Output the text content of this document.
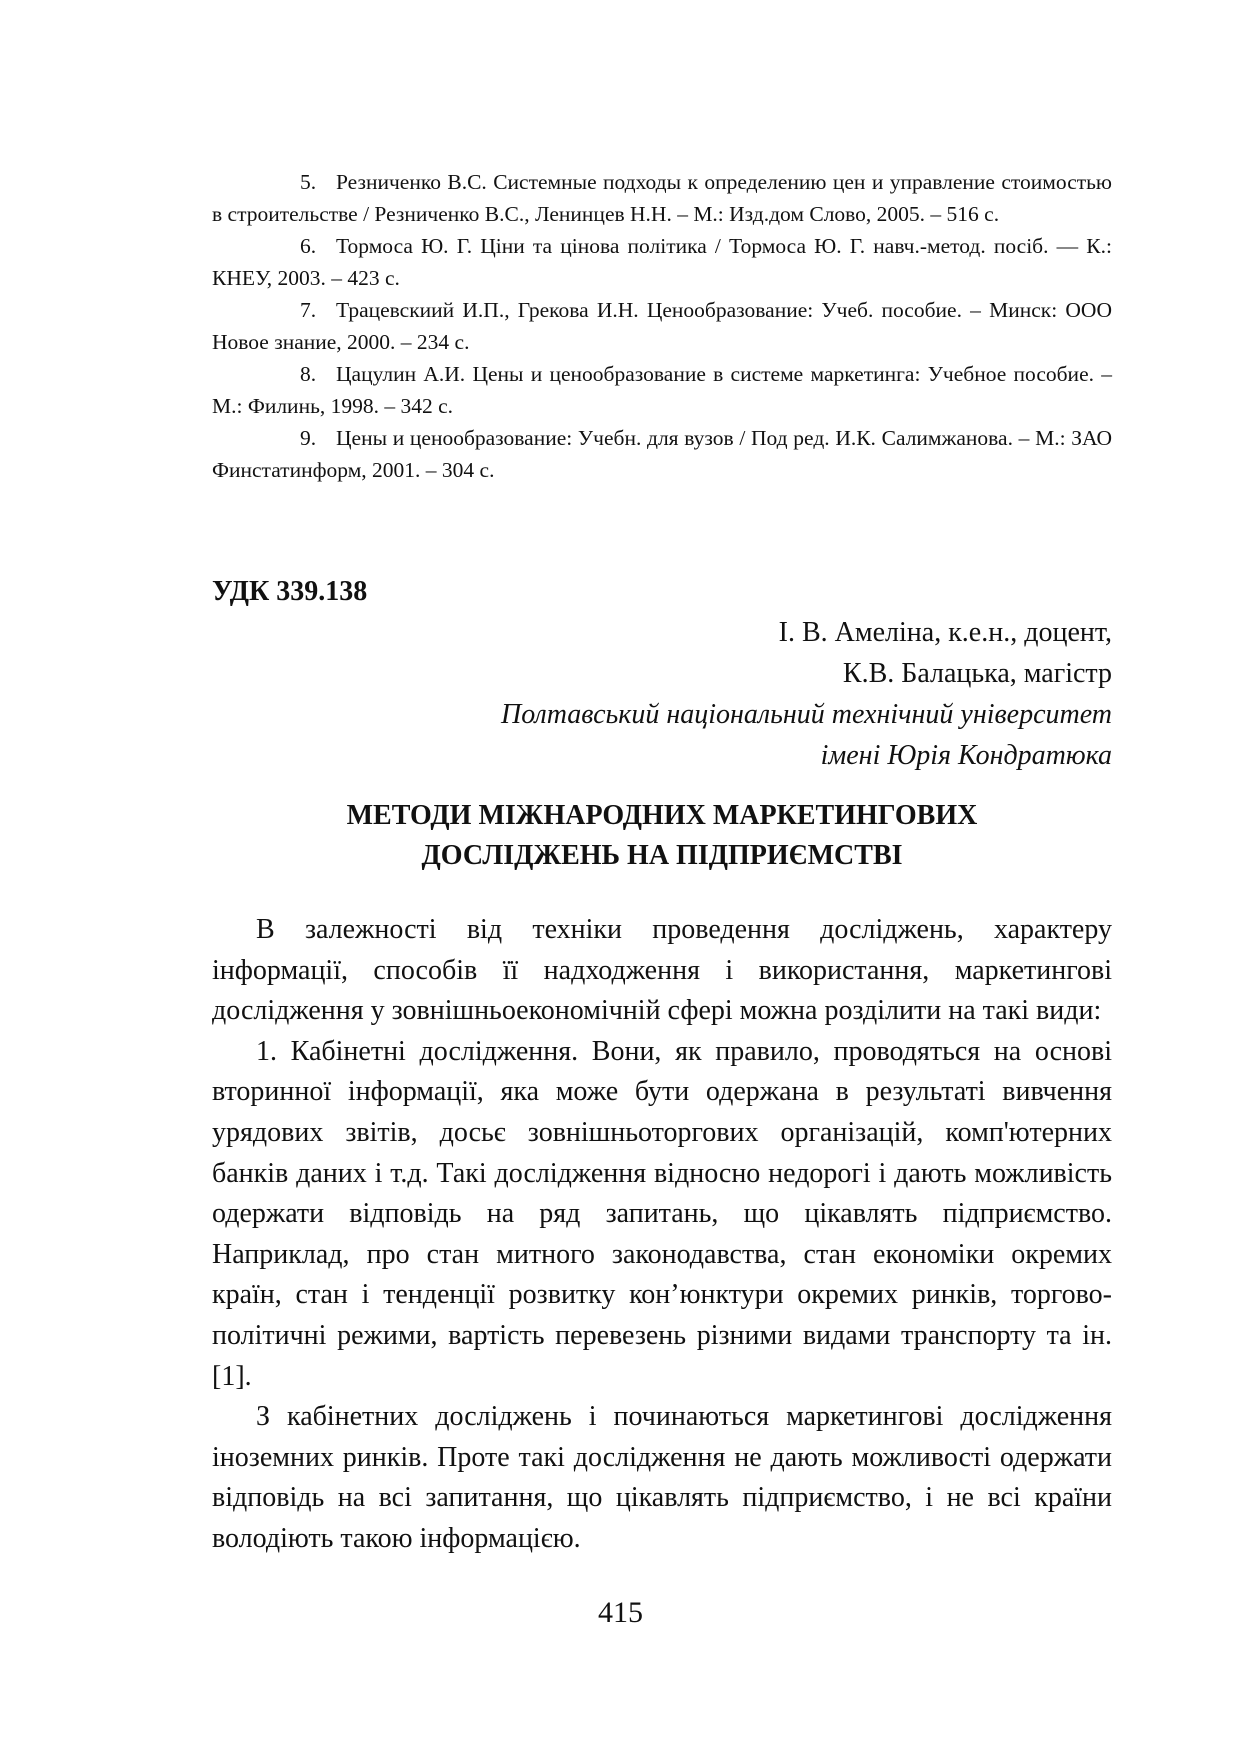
5. Резниченко В.С. Системные подходы к определению цен и управление стоимостью в строительстве / Резниченко В.С., Ленинцев Н.Н. – М.: Изд.дом Слово, 2005. – 516 с.

6. Тормоса Ю. Г. Ціни та цінова політика / Тормоса Ю. Г. навч.-метод. посіб. — К.: КНЕУ, 2003. – 423 с.

7. Трацевскиий И.П., Грекова И.Н. Ценообразование: Учеб. пособие. – Минск: ООО Новое знание, 2000. – 234 с.

8. Цацулин А.И. Цены и ценообразование в системе маркетинга: Учебное пособие. – М.: Филинь, 1998. – 342 с.

9. Цены и ценообразование: Учебн. для вузов / Под ред. И.К. Салимжанова. – М.: ЗАО Финстатинформ, 2001. – 304 с.

УДК 339.138
І. В. Амеліна, к.е.н., доцент,
К.В. Балацька, магістр
Полтавський національний технічний університет
імені Юрія Кондратюка
МЕТОДИ МІЖНАРОДНИХ МАРКЕТИНГОВИХ
ДОСЛІДЖЕНЬ НА ПІДПРИЄМСТВІ

В залежності від техніки проведення досліджень, характеру інформації, способів її надходження і використання, маркетингові дослідження у зовнішньоекономічній сфері можна розділити на такі види:

1. Кабінетні дослідження. Вони, як правило, проводяться на основі вторинної інформації, яка може бути одержана в результаті вивчення урядових звітів, досьє зовнішньоторгових організацій, комп'ютерних банків даних і т.д. Такі дослідження відносно недорогі і дають можливість одержати відповідь на ряд запитань, що цікавлять підприємство. Наприклад, про стан митного законодавства, стан економіки окремих країн, стан і тенденції розвитку кон’юнктури окремих ринків, торгово-політичні режими, вартість перевезень різними видами транспорту та ін. [1].

З кабінетних досліджень і починаються маркетингові дослідження іноземних ринків. Проте такі дослідження не дають можливості одержати відповідь на всі запитання, що цікавлять підприємство, і не всі країни володіють такою інформацією.

415
